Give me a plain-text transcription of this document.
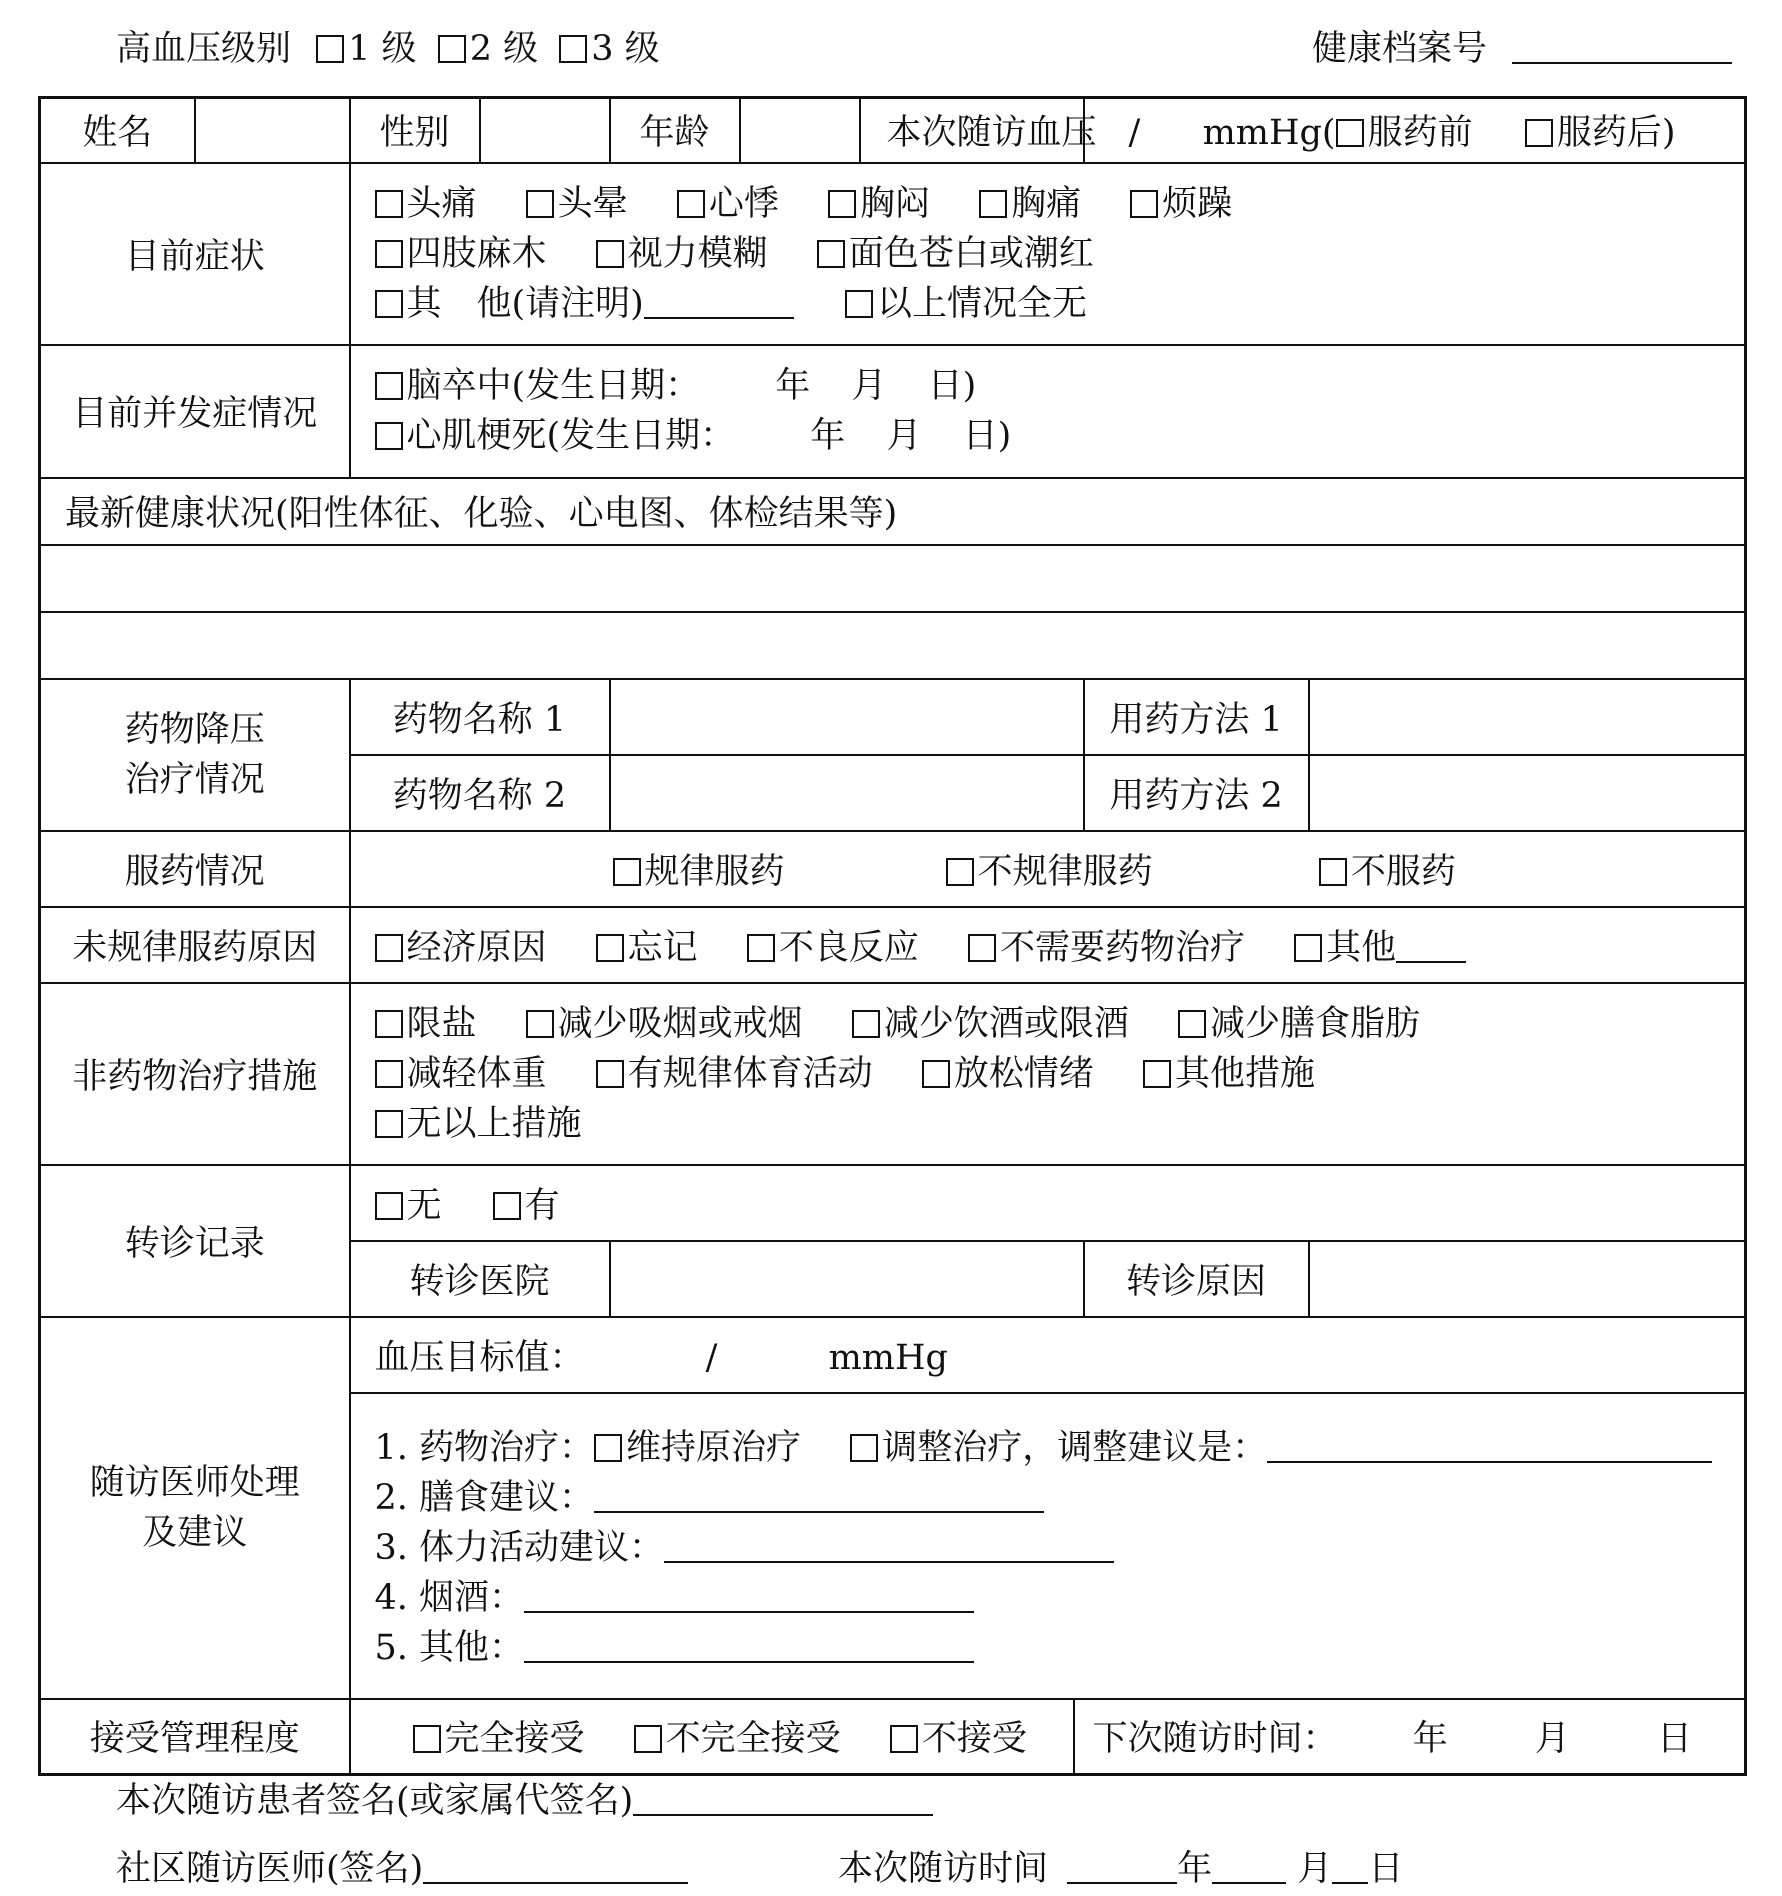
高血压级别 1 级 2 级 3 级	健康档案号
姓名		性别		年龄		本次随访血压		/ mmHg( 服药前 服药后)	
目前症状		头痛 头晕 心悸 胸闷 胸痛 烦躁
四肢麻木 视力模糊 面色苍白或潮红
其　他(请注明) 以上情况全无							

目前并发症情况		脑卒中(发生日期： 年 月 日)
心肌梗死(发生日期： 年 月 日)							

最新健康状况(阳性体征、化验、心电图、体检结果等)									

药物降压
治疗情况		药物名称 1						用药方法 1	
		药物名称 2						用药方法 2	
服药情况		规律服药 不规律服药 不服药							
未规律服药原因		经济原因 忘记 不良反应 不需要药物治疗 其他							
非药物治疗措施		限盐 减少吸烟或戒烟 减少饮酒或限酒 减少膳食脂肪
减轻体重 有规律体育活动 放松情绪 其他措施
无以上措施							

转诊记录		无 有							
		转诊医院						转诊原因	

随访医师处理
及建议		血压目标值： / mmHg							

		1. 药物治疗： 维持原治疗 调整治疗，调整建议是：
2. 膳食建议：
3. 体力活动建议：
4. 烟酒：
5. 其他：							

接受管理程度		完全接受 不完全接受 不接受					下次随访时间： 年 月 日		
本次随访患者签名(或家属代签名)
社区随访医师(签名)	本次随访时间	年 月 日
